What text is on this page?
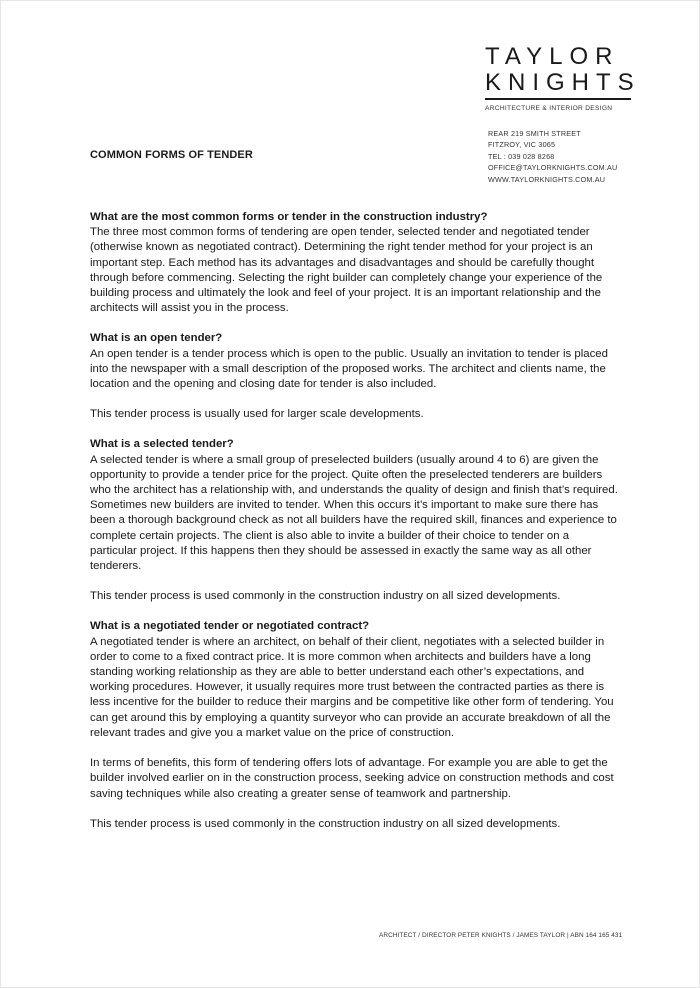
TAYLOR
KNIGHTS
ARCHITECTURE & INTERIOR DESIGN
REAR 219 SMITH STREET
FITZROY, VIC 3065
TEL : 039 028 8268
OFFICE@TAYLORKNIGHTS.COM.AU
WWW.TAYLORKNIGHTS.COM.AU
COMMON FORMS OF TENDER
What are the most common forms or tender in the construction industry?

The three most common forms of tendering are open tender, selected tender and negotiated tender (otherwise known as negotiated contract). Determining the right tender method for your project is an important step. Each method has its advantages and disadvantages and should be carefully thought through before commencing. Selecting the right builder can completely change your experience of the building process and ultimately the look and feel of your project. It is an important relationship and the architects will assist you in the process.

What is an open tender?

An open tender is a tender process which is open to the public. Usually an invitation to tender is placed into the newspaper with a small description of the proposed works. The architect and clients name, the location and the opening and closing date for tender is also included.

This tender process is usually used for larger scale developments.

What is a selected tender?

A selected tender is where a small group of preselected builders (usually around 4 to 6) are given the opportunity to provide a tender price for the project. Quite often the preselected tenderers are builders who the architect has a relationship with, and understands the quality of design and finish that’s required. Sometimes new builders are invited to tender. When this occurs it’s important to make sure there has been a thorough background check as not all builders have the required skill, finances and experience to complete certain projects. The client is also able to invite a builder of their choice to tender on a particular project. If this happens then they should be assessed in exactly the same way as all other tenderers.

This tender process is used commonly in the construction industry on all sized developments.

What is a negotiated tender or negotiated contract?

A negotiated tender is where an architect, on behalf of their client, negotiates with a selected builder in order to come to a fixed contract price. It is more common when architects and builders have a long standing working relationship as they are able to better understand each other’s expectations, and working procedures. However, it usually requires more trust between the contracted parties as there is less incentive for the builder to reduce their margins and be competitive like other form of tendering. You can get around this by employing a quantity surveyor who can provide an accurate breakdown of all the relevant trades and give you a market value on the price of construction.

In terms of benefits, this form of tendering offers lots of advantage. For example you are able to get the builder involved earlier on in the construction process, seeking advice on construction methods and cost saving techniques while also creating a greater sense of teamwork and partnership.

This tender process is used commonly in the construction industry on all sized developments.

ARCHITECT / DIRECTOR PETER KNIGHTS / JAMES TAYLOR | ABN 164 165 431
